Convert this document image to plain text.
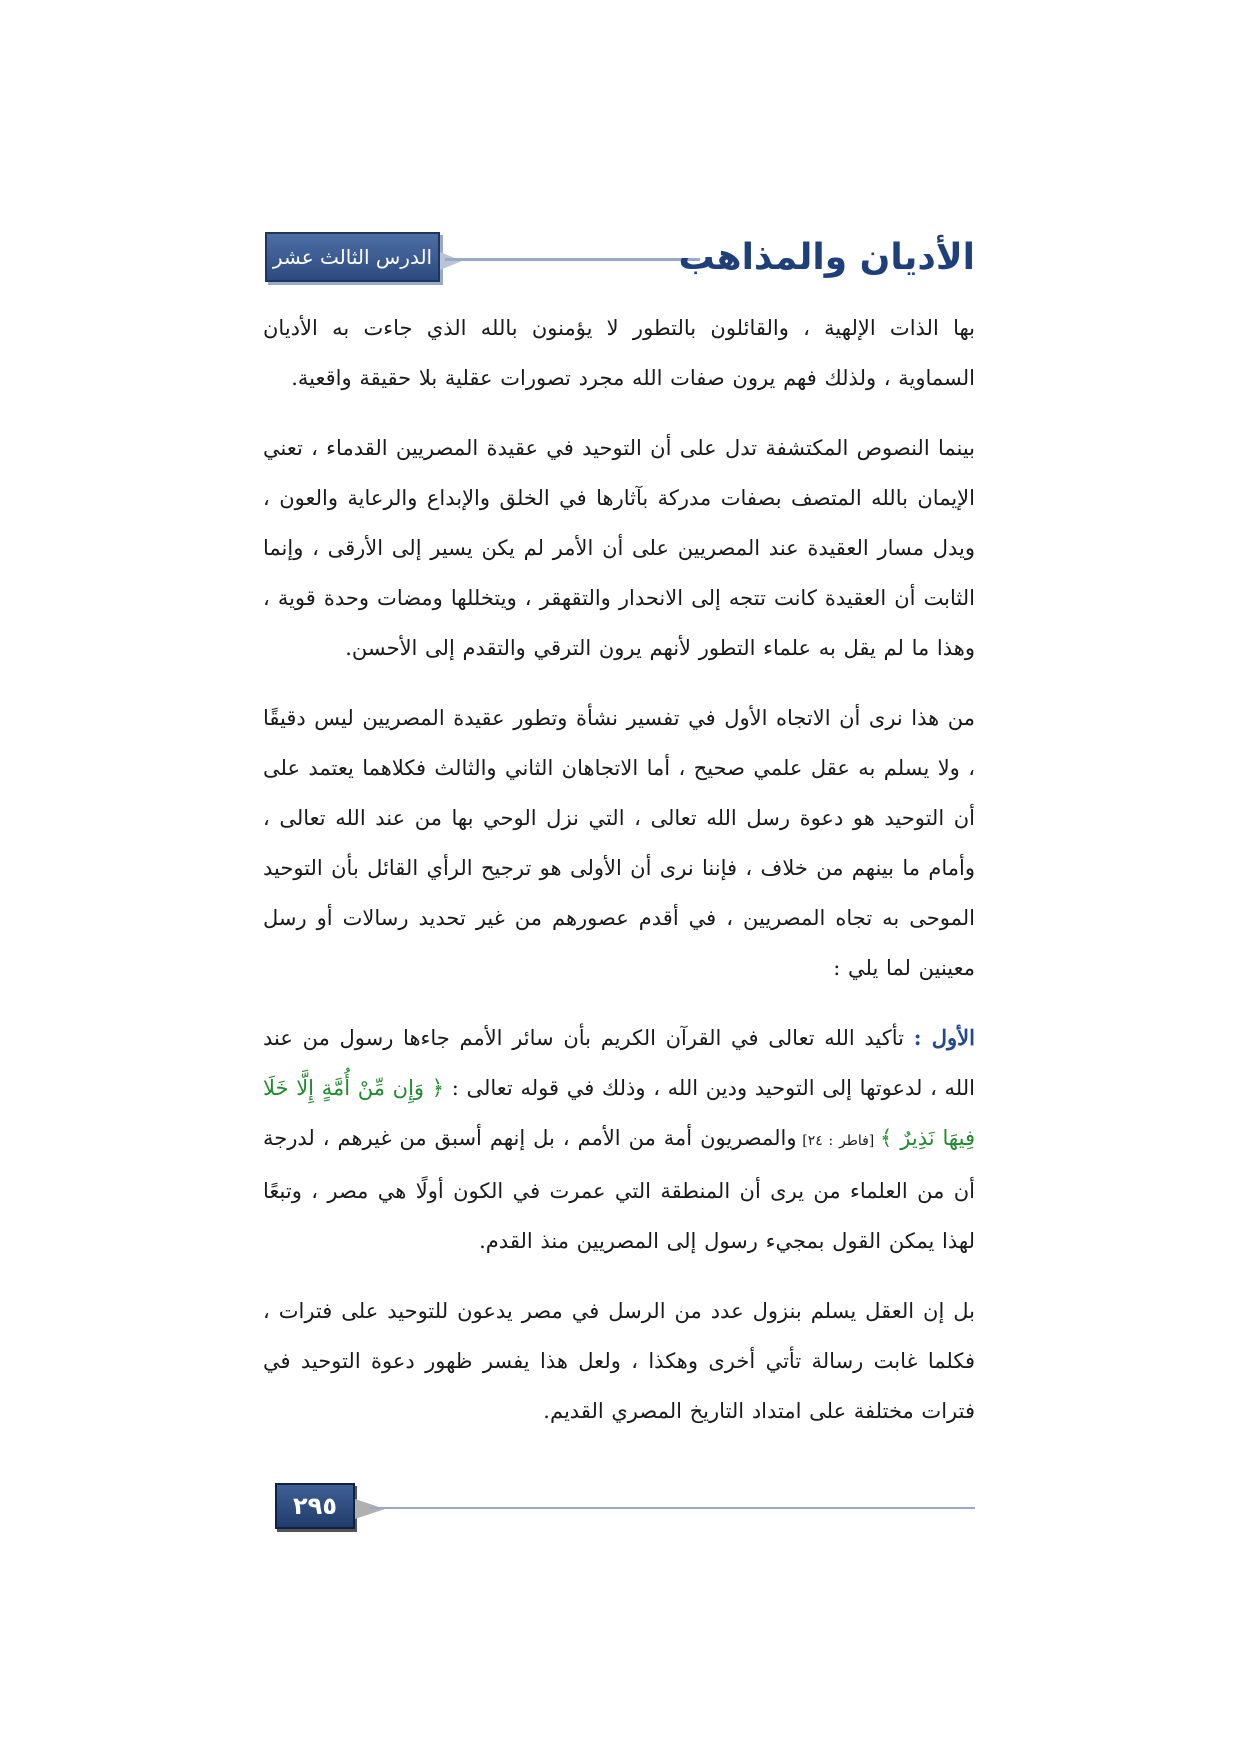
الدرس الثالث عشر	الأديان والمذاهب

بها الذات الإلهية ، والقائلون بالتطور لا يؤمنون بالله الذي جاءت به الأديان السماوية ، ولذلك فهم يرون صفات الله مجرد تصورات عقلية بلا حقيقة واقعية.

بينما النصوص المكتشفة تدل على أن التوحيد في عقيدة المصريين القدماء ، تعني الإيمان بالله المتصف بصفات مدركة بآثارها في الخلق والإبداع والرعاية والعون ، ويدل مسار العقيدة عند المصريين على أن الأمر لم يكن يسير إلى الأرقى ، وإنما الثابت أن العقيدة كانت تتجه إلى الانحدار والتقهقر ، ويتخللها ومضات وحدة قوية ، وهذا ما لم يقل به علماء التطور لأنهم يرون الترقي والتقدم إلى الأحسن.

من هذا نرى أن الاتجاه الأول في تفسير نشأة وتطور عقيدة المصريين ليس دقيقًا ، ولا يسلم به عقل علمي صحيح ، أما الاتجاهان الثاني والثالث فكلاهما يعتمد على أن التوحيد هو دعوة رسل الله تعالى ، التي نزل الوحي بها من عند الله تعالى ، وأمام ما بينهم من خلاف ، فإننا نرى أن الأولى هو ترجيح الرأي القائل بأن التوحيد الموحى به تجاه المصريين ، في أقدم عصورهم من غير تحديد رسالات أو رسل معينين لما يلي :

الأول : تأكيد الله تعالى في القرآن الكريم بأن سائر الأمم جاءها رسول من عند الله ، لدعوتها إلى التوحيد ودين الله ، وذلك في قوله تعالى : ﴿ وَإِن مِّنْ أُمَّةٍ إِلَّا خَلَا فِيهَا نَذِيرٌ ﴾ [فاطر : ٢٤] والمصريون أمة من الأمم ، بل إنهم أسبق من غيرهم ، لدرجة أن من العلماء من يرى أن المنطقة التي عمرت في الكون أولًا هي مصر ، وتبعًا لهذا يمكن القول بمجيء رسول إلى المصريين منذ القدم.

بل إن العقل يسلم بنزول عدد من الرسل في مصر يدعون للتوحيد على فترات ، فكلما غابت رسالة تأتي أخرى وهكذا ، ولعل هذا يفسر ظهور دعوة التوحيد في فترات مختلفة على امتداد التاريخ المصري القديم.

٢٩٥
